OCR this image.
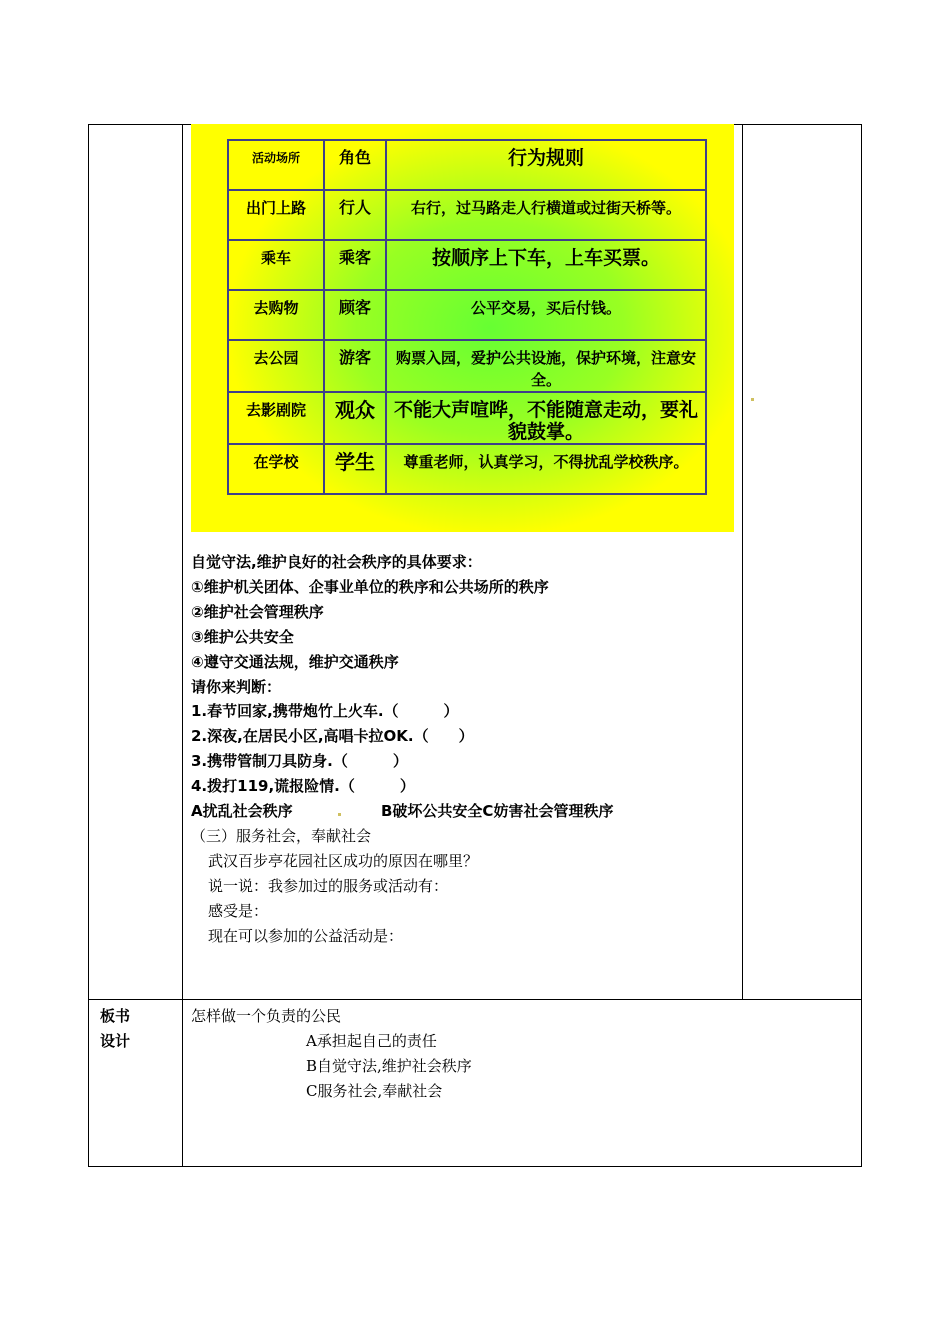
活动场所	角色	行为规则
出门上路	行人	右行，过马路走人行横道或过街天桥等。
乘车	乘客	按顺序上下车，上车买票。
去购物	顾客	公平交易，买后付钱。
去公园	游客	购票入园，爱护公共设施，保护环境，注意安全。
去影剧院	观众	不能大声喧哗，不能随意走动，要礼貌鼓掌。
在学校	学生	尊重老师，认真学习，不得扰乱学校秩序。
自觉守法,维护良好的社会秩序的具体要求：
①维护机关团体、企事业单位的秩序和公共场所的秩序
②维护社会管理秩序
③维护公共安全
④遵守交通法规，维护交通秩序
请你来判断：
1.春节回家,携带炮竹上火车.（　　　）
2.深夜,在居民小区,高唱卡拉OK.（　　）
3.携带管制刀具防身.（　　　）
4.拨打119,谎报险情.（　　　）
A扰乱社会秩序	B破坏公共安全C妨害社会管理秩序
（三）服务社会，奉献社会
武汉百步亭花园社区成功的原因在哪里？
说一说：我参加过的服务或活动有：
感受是：
现在可以参加的公益活动是：
板书
设计
怎样做一个负责的公民
A承担起自己的责任
B自觉守法,维护社会秩序
C服务社会,奉献社会
